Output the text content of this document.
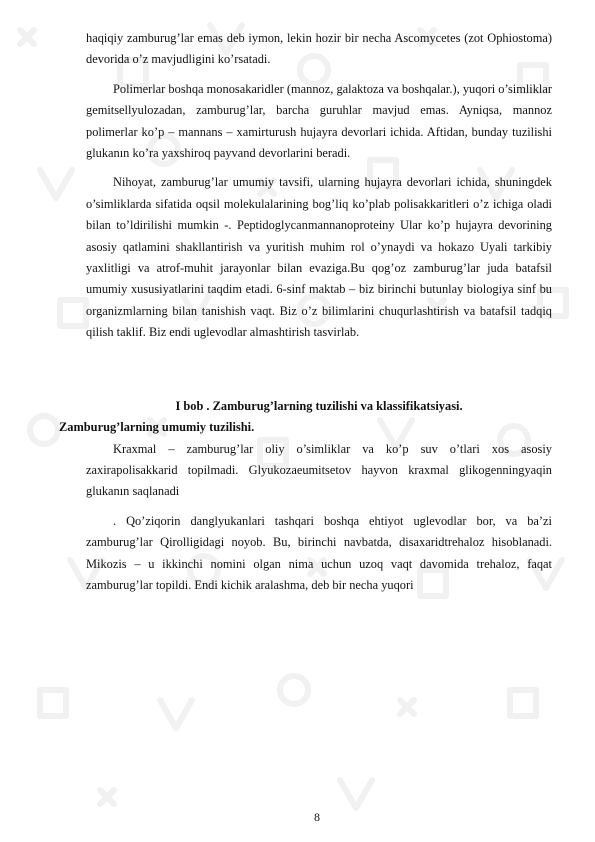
haqiqiy zamburug’lar emas deb iymon, lekin hozir bir necha Ascomycetes (zot Ophiostoma) devorida o’z mavjudligini ko’rsatadi.

Polimerlar boshqa monosakaridler (mannoz, galaktoza va boshqalar.), yuqori o’simliklar gemitsellyulozadan, zamburug’lar, barcha guruhlar mavjud emas. Ayniqsa, mannoz polimerlar ko’p – mannans – xamirturush hujayra devorlari ichida. Aftidan, bunday tuzilishi glukanın ko’ra yaxshiroq payvand devorlarini beradi.

Nihoyat, zamburug’lar umumiy tavsifi, ularning hujayra devorlari ichida, shuningdek o’simliklarda sifatida oqsil molekulalarining bog’liq ko’plab polisakkaritleri o’z ichiga oladi bilan to’ldirilishi mumkin -. Peptidoglycanmannanoproteiny Ular ko’p hujayra devorining asosiy qatlamini shakllantirish va yuritish muhim rol o’ynaydi va hokazo Uyali tarkibiy yaxlitligi va atrof-muhit jarayonlar bilan evaziga.Bu qog’oz zamburug’lar juda batafsil umumiy xususiyatlarini taqdim etadi. 6-sinf maktab – biz birinchi butunlay biologiya sinf bu organizmlarning bilan tanishish vaqt. Biz o’z bilimlarini chuqurlashtirish va batafsil tadqiq qilish taklif. Biz endi uglevodlar almashtirish tasvirlab.

I bob . Zamburug’larning tuzilishi va klassifikatsiyasi.
Zamburug’larning umumiy tuzilishi.

Kraxmal – zamburug’lar oliy o’simliklar va ko’p suv o’tlari xos asosiy zaxirapolisakkarid topilmadi. Glyukozaeumitsetov hayvon kraxmal glikogenningyaqin glukanın saqlanadi

. Qo’ziqorin danglyukanlari tashqari boshqa ehtiyot uglevodlar bor, va ba’zi zamburug’lar Qirolligidagi noyob. Bu, birinchi navbatda, disaxaridtrehaloz hisoblanadi. Mikozis – u ikkinchi nomini olgan nima uchun uzoq vaqt davomida trehaloz, faqat zamburug’lar topildi. Endi kichik aralashma, deb bir necha yuqori

8
